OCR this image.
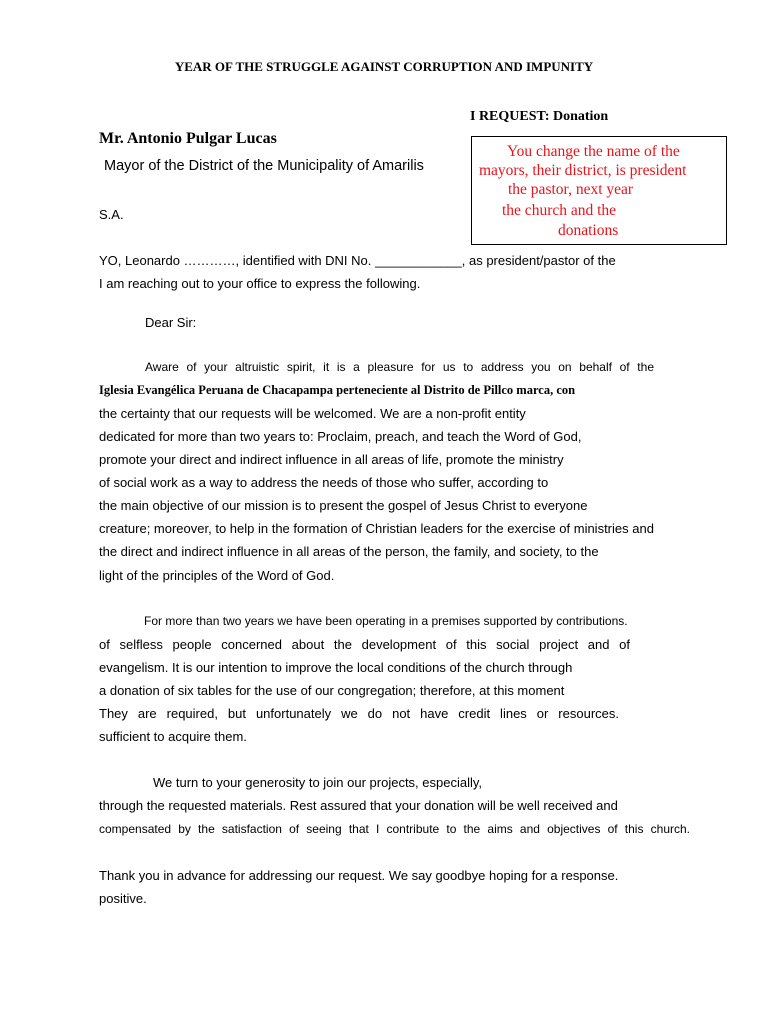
YEAR OF THE STRUGGLE AGAINST CORRUPTION AND IMPUNITY
I REQUEST: Donation
You change the name of the
mayors, their district, is president
the pastor, next year
the church and the
donations
Mr. Antonio Pulgar Lucas
Mayor of the District of the Municipality of Amarilis
S.A.
YO, Leonardo …………, identified with DNI No. ____________, as president/pastor of the
I am reaching out to your office to express the following.
Dear Sir:
Aware of your altruistic spirit, it is a pleasure for us to address you on behalf of the
Iglesia Evangélica Peruana de Chacapampa perteneciente al Distrito de Pillco marca, con
the certainty that our requests will be welcomed. We are a non-profit entity
dedicated for more than two years to: Proclaim, preach, and teach the Word of God,
promote your direct and indirect influence in all areas of life, promote the ministry
of social work as a way to address the needs of those who suffer, according to
the main objective of our mission is to present the gospel of Jesus Christ to everyone
creature; moreover, to help in the formation of Christian leaders for the exercise of ministries and
the direct and indirect influence in all areas of the person, the family, and society, to the
light of the principles of the Word of God.
For more than two years we have been operating in a premises supported by contributions.
of selfless people concerned about the development of this social project and of
evangelism. It is our intention to improve the local conditions of the church through
a donation of six tables for the use of our congregation; therefore, at this moment
They are required, but unfortunately we do not have credit lines or resources.
sufficient to acquire them.
We turn to your generosity to join our projects, especially,
through the requested materials. Rest assured that your donation will be well received and
compensated by the satisfaction of seeing that I contribute to the aims and objectives of this church.
Thank you in advance for addressing our request. We say goodbye hoping for a response.
positive.
